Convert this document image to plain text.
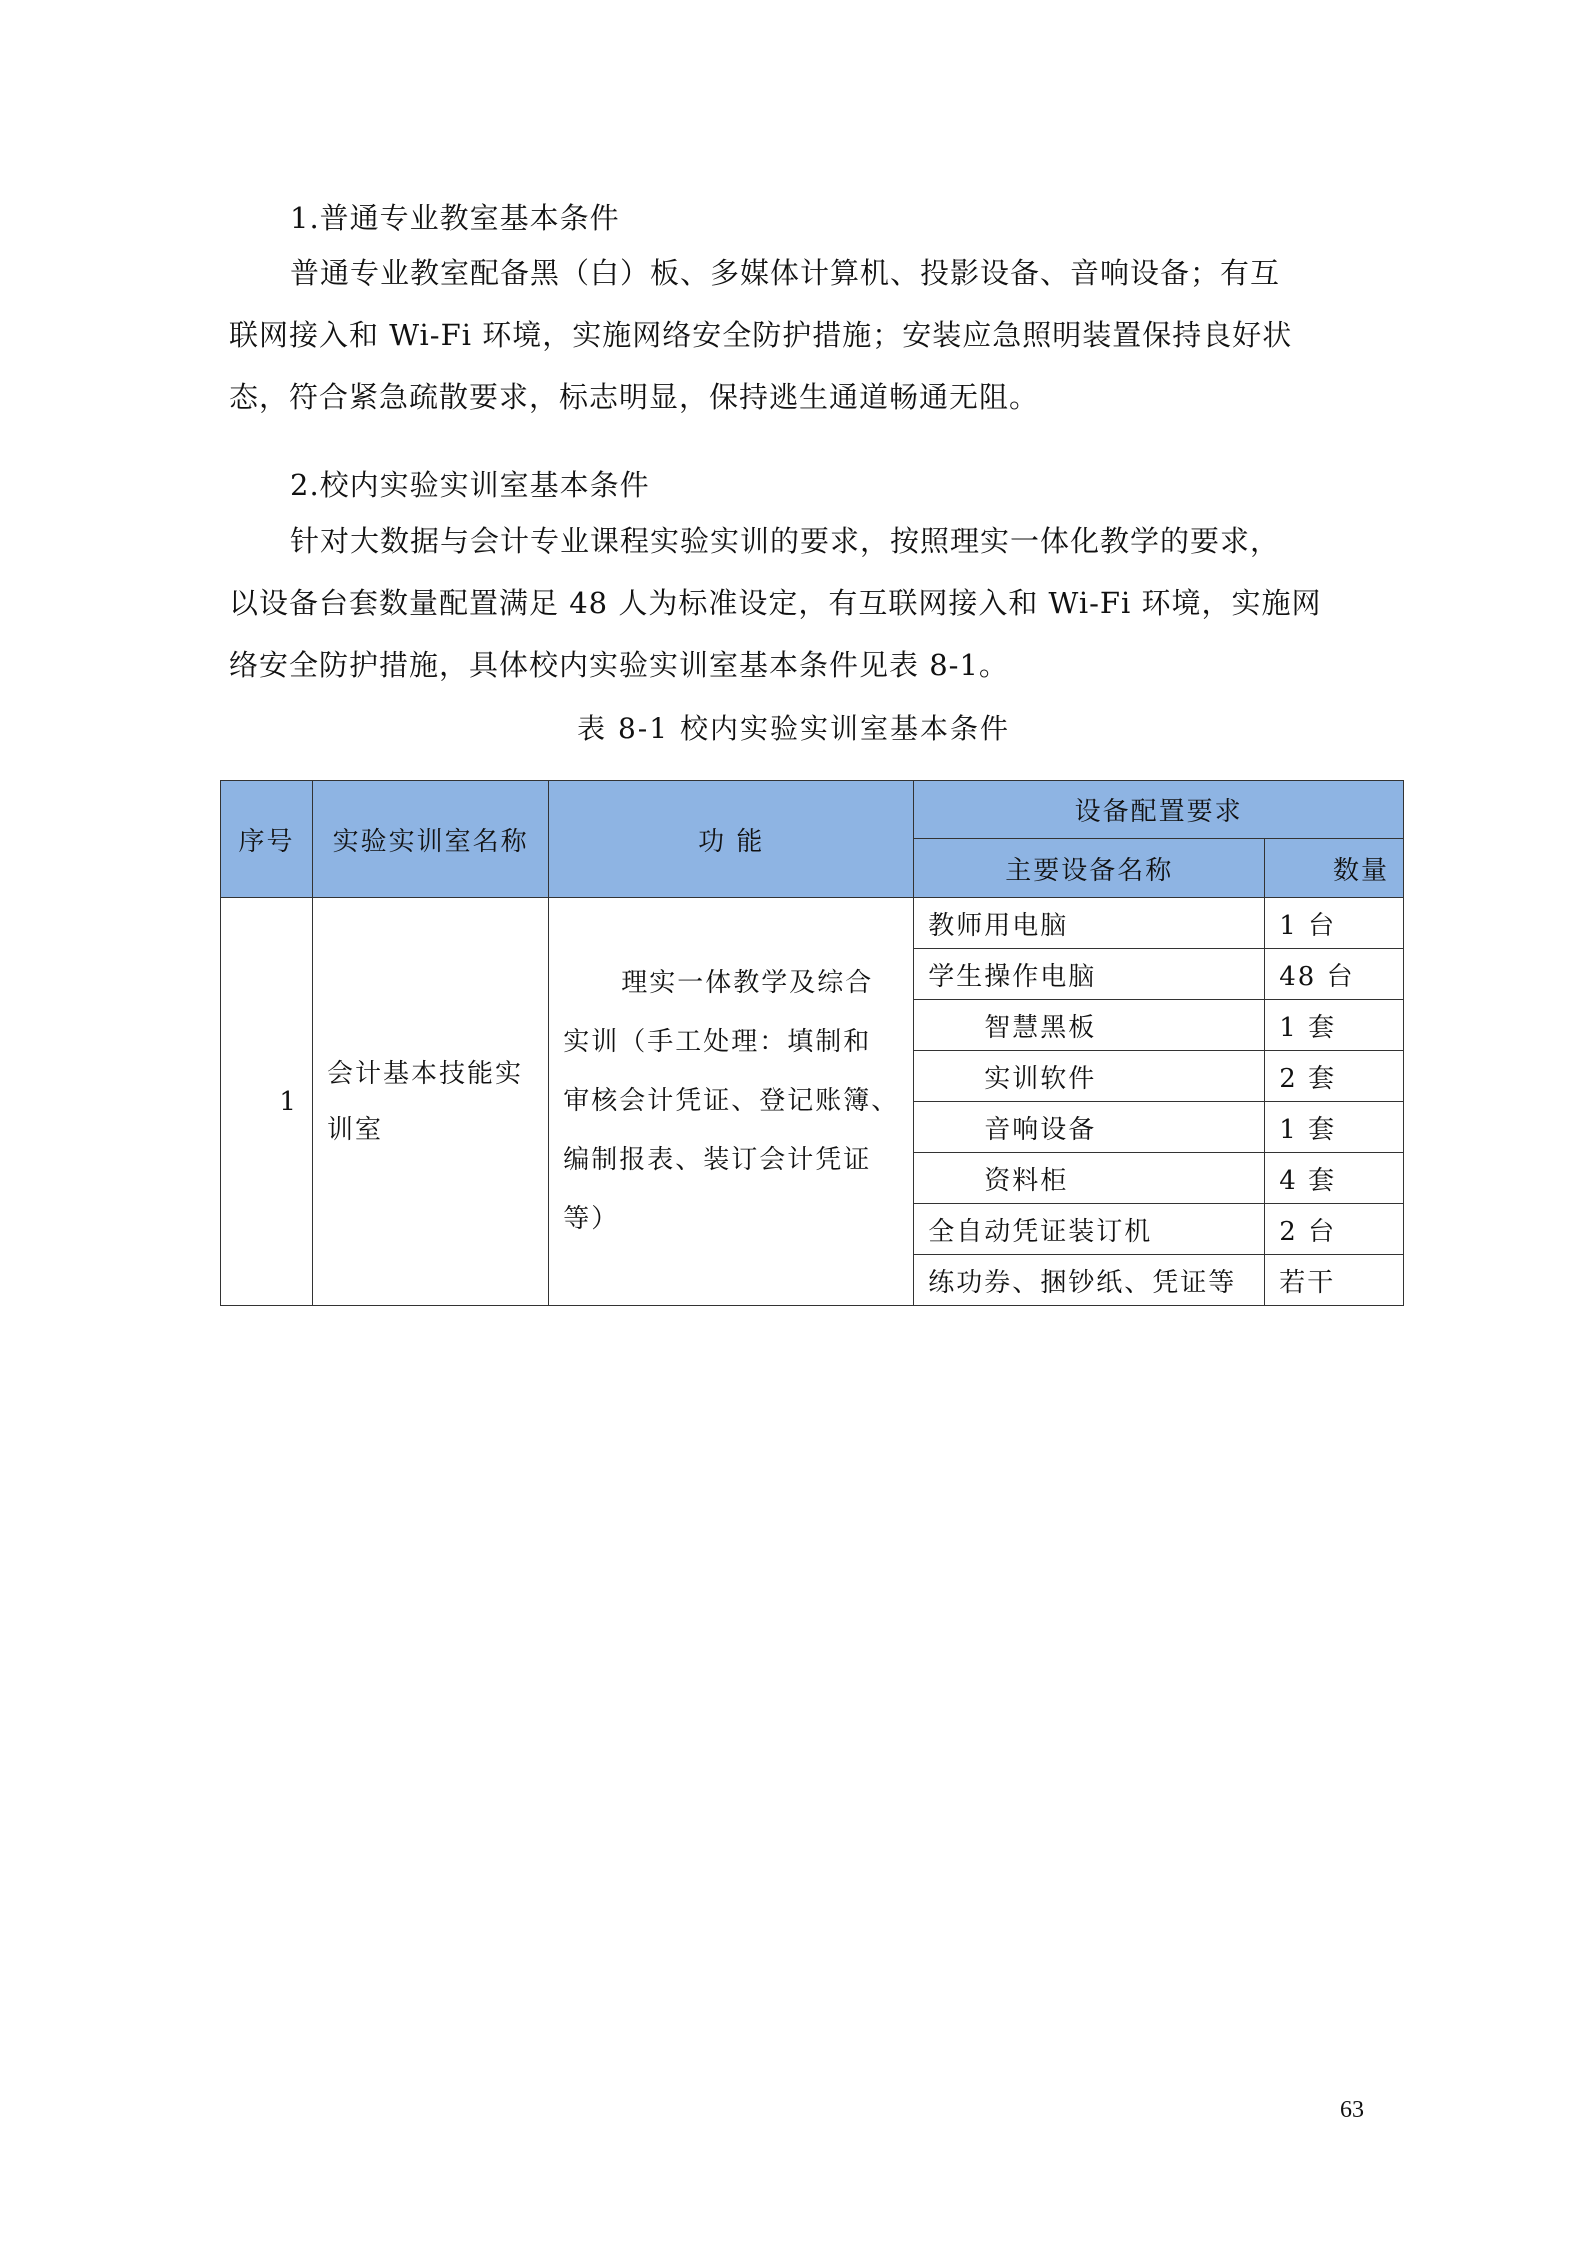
1.普通专业教室基本条件
普通专业教室配备黑（白）板、多媒体计算机、投影设备、音响设备；有互
联网接入和 Wi-Fi 环境，实施网络安全防护措施；安装应急照明装置保持良好状
态，符合紧急疏散要求，标志明显，保持逃生通道畅通无阻。
2.校内实验实训室基本条件
针对大数据与会计专业课程实验实训的要求，按照理实一体化教学的要求，
以设备台套数量配置满足 48 人为标准设定，有互联网接入和 Wi-Fi 环境，实施网
络安全防护措施，具体校内实验实训室基本条件见表 8-1。
表 8-1 校内实验实训室基本条件
序号	实验实训室名称	功 能	设备配置要求	
			主要设备名称	数量
1	会计基本技能实
训室	理实一体教学及综合
实训（手工处理：填制和
审核会计凭证、登记账簿、
编制报表、装订会计凭证
等）	教师用电脑	1 台
			学生操作电脑	48 台
			智慧黑板	1 套
			实训软件	2 套
			音响设备	1 套
			资料柜	4 套
			全自动凭证装订机	2 台
			练功券、捆钞纸、凭证等	若干
63
